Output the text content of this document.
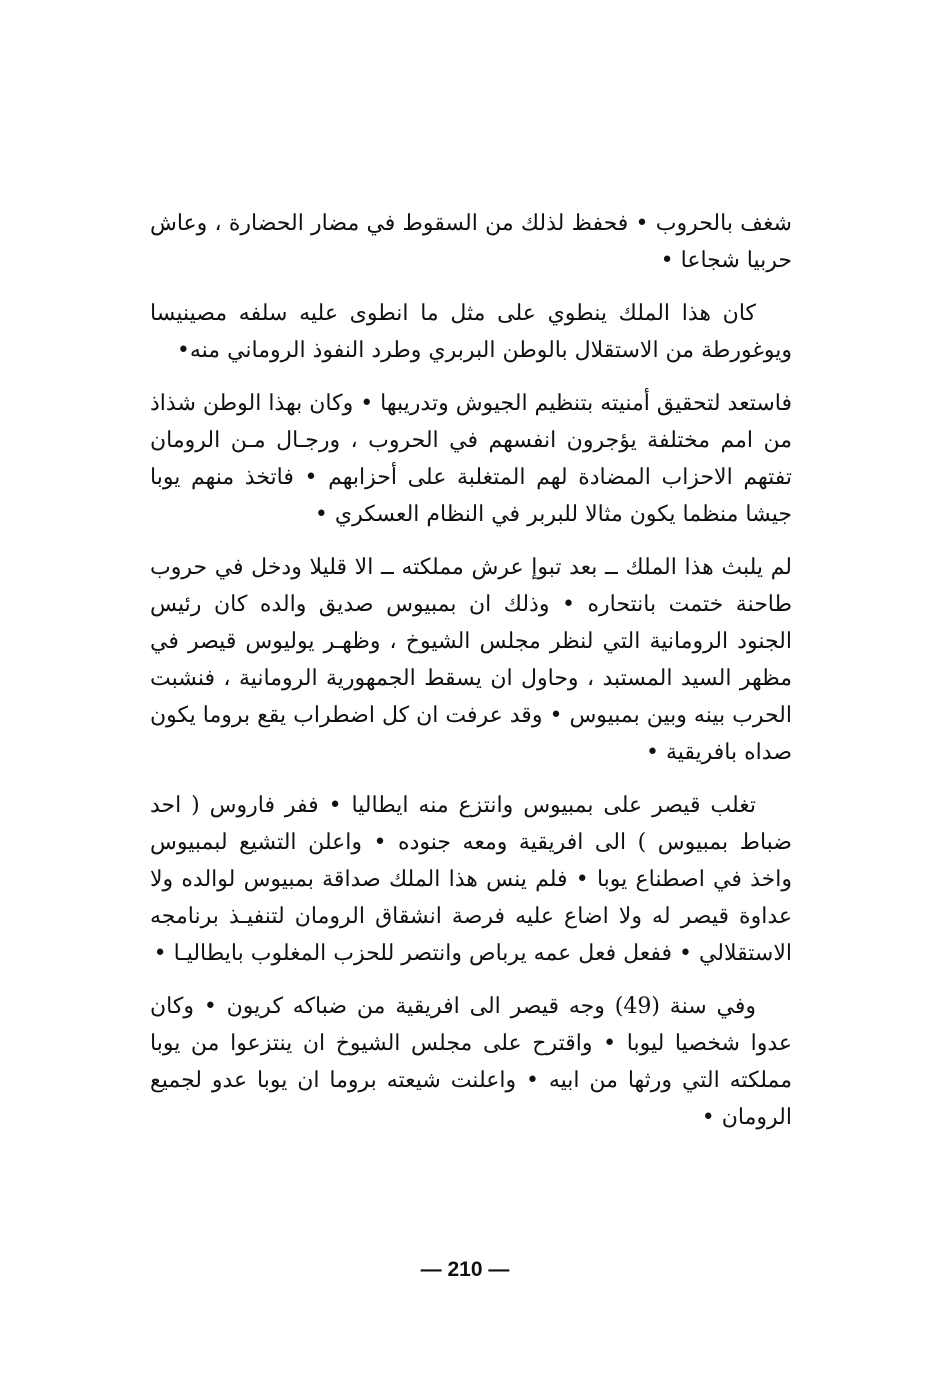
شغف بالحروب • فحفظ لذلك من السقوط في مضار الحضارة ، وعاش حربيا شجاعا •

كان هذا الملك ينطوي على مثل ما انطوى عليه سلفه مصينيسا ويوغورطة من الاستقلال بالوطن البربري وطرد النفوذ الروماني منه•

فاستعد لتحقيق أمنيته بتنظيم الجيوش وتدريبها • وكان بهذا الوطن شذاذ من امم مختلفة يؤجرون انفسهم في الحروب ، ورجـال مـن الرومان تفتهم الاحزاب المضادة لهم المتغلبة على أحزابهم • فاتخذ منهم يوبا جيشا منظما يكون مثالا للبربر في النظام العسكري •

لم يلبث هذا الملك ــ بعد تبوإ عرش مملكته ــ الا قليلا ودخل في حروب طاحنة ختمت بانتحاره • وذلك ان بمبيوس صديق والده كان رئيس الجنود الرومانية التي لنظر مجلس الشيوخ ، وظهـر يوليوس قيصر في مظهر السيد المستبد ، وحاول ان يسقط الجمهورية الرومانية ، فنشبت الحرب بينه وبين بمبيوس • وقد عرفت ان كل اضطراب يقع بروما يكون صداه بافريقية •

تغلب قيصر على بمبيوس وانتزع منه ايطاليا • ففر فاروس ( احد ضباط بمبيوس ) الى افريقية ومعه جنوده • واعلن التشيع لبمبيوس واخذ في اصطناع يوبا • فلم ينس هذا الملك صداقة بمبيوس لوالده ولا عداوة قيصر له ولا اضاع عليه فرصة انشقاق الرومان لتنفيـذ برنامجه الاستقلالي • ففعل فعل عمه يرباص وانتصر للحزب المغلوب بايطاليـا •

وفي سنة (49) وجه قيصر الى افريقية من ضباكه كريون • وكان عدوا شخصيا ليوبا • واقترح على مجلس الشيوخ ان ينتزعوا من يوبا مملكته التي ورثها من ابيه • واعلنت شيعته بروما ان يوبا عدو لجميع الرومان •

— 210 —
